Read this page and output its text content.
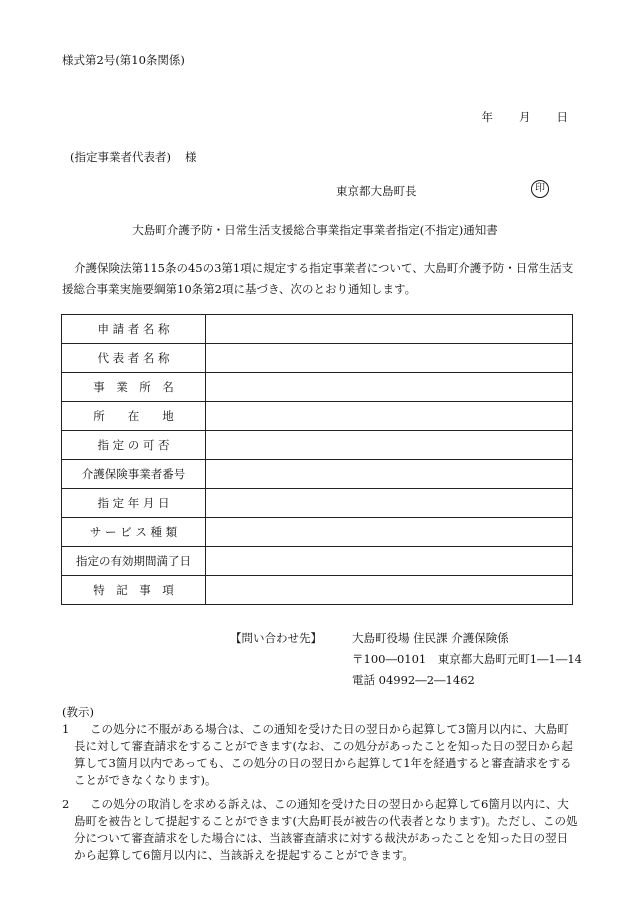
様式第2号(第10条関係)
年 月 日
(指定事業者代表者) 様
東京都大島町長	印
大島町介護予防・日常生活支援総合事業指定事業者指定(不指定)通知書
介護保険法第115条の45の3第1項に規定する指定事業者について、大島町介護予防・日常生活支援総合事業実施要綱第10条第2項に基づき、次のとおり通知します。
申 請 者 名 称	
代 表 者 名 称	
事　業　所　名	
所　　在　　地	
指 定 の 可 否	
介護保険事業者番号	
指 定 年 月 日	
サ ー ビ ス 種 類	
指定の有効期間満了日	
特　記　事　項	
【問い合わせ先】	大島町役場 住民課 介護保険係
〒100―0101　東京都大島町元町1―1―14
電話 04992―2―1462
(教示)
1	この処分に不服がある場合は、この通知を受けた日の翌日から起算して3箇月以内に、大島町長に対して審査請求をすることができます(なお、この処分があったことを知った日の翌日から起算して3箇月以内であっても、この処分の日の翌日から起算して1年を経過すると審査請求をすることができなくなります)。
2	この処分の取消しを求める訴えは、この通知を受けた日の翌日から起算して6箇月以内に、大島町を被告として提起することができます(大島町長が被告の代表者となります)。ただし、この処分について審査請求をした場合には、当該審査請求に対する裁決があったことを知った日の翌日から起算して6箇月以内に、当該訴えを提起することができます。
